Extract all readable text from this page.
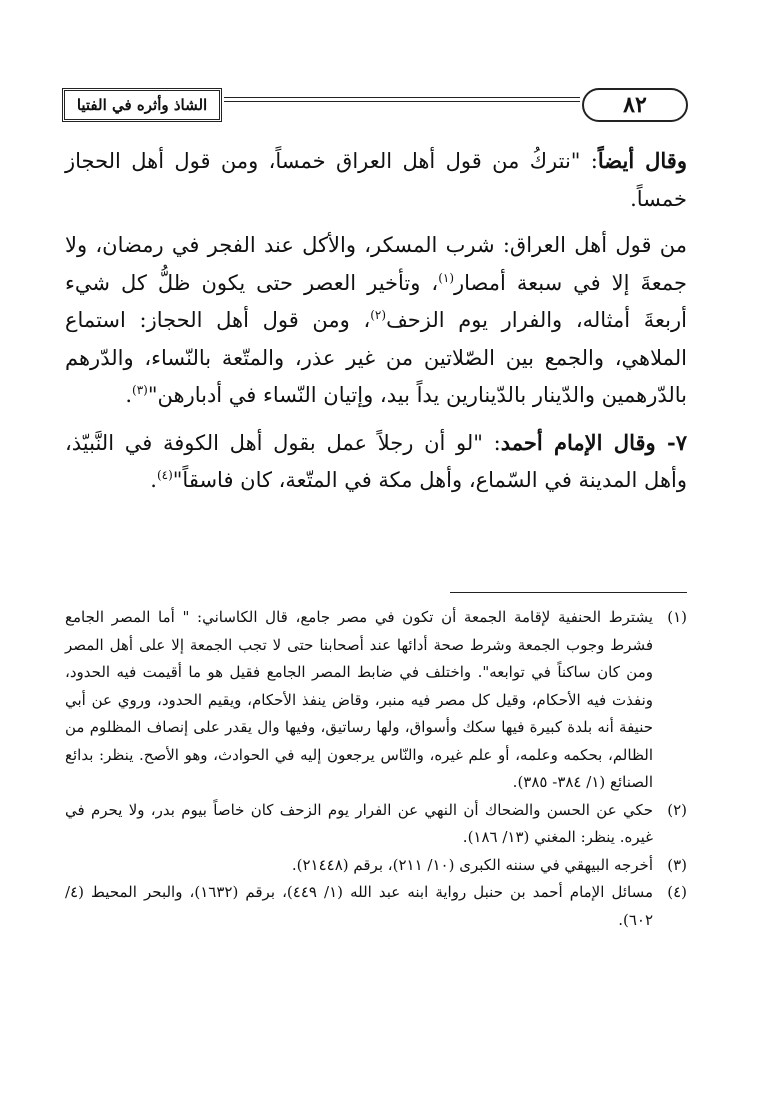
الشاذ وأثره في الفتيا	٨٢

وقال أيضاً: "نتركُ من قول أهل العراق خمساً، ومن قول أهل الحجاز خمساً.

من قول أهل العراق: شرب المسكر، والأكل عند الفجر في رمضان، ولا جمعةَ إلا في سبعة أمصار$^{(١)}$، وتأخير العصر حتى يكون ظلُّ كل شيء أربعةَ أمثاله، والفرار يوم الزحف$^{(٢)}$، ومن قول أهل الحجاز: استماع الملاهي، والجمع بين الصّلاتين من غير عذر، والمتّعة بالنّساء، والدّرهم بالدّرهمين والدّينار بالدّينارين يداً بيد، وإتيان النّساء في أدبارهن"$^{(٣)}$.

٧- وقال الإمام أحمد: "لو أن رجلاً عمل بقول أهل الكوفة في النَّبيّذ، وأهل المدينة في السّماع، وأهل مكة في المتّعة، كان فاسقاً"$^{(٤)}$.

(١)
يشترط الحنفية لإقامة الجمعة أن تكون في مصر جامع، قال الكاساني: " أما المصر الجامع فشرط وجوب الجمعة وشرط صحة أدائها عند أصحابنا حتى لا تجب الجمعة إلا على أهل المصر ومن كان ساكناً في توابعه". واختلف في ضابط المصر الجامع فقيل هو ما أقيمت فيه الحدود، ونفذت فيه الأحكام، وقيل كل مصر فيه منبر، وقاض ينفذ الأحكام، ويقيم الحدود، وروي عن أبي حنيفة أنه بلدة كبيرة فيها سكك وأسواق، ولها رساتيق، وفيها وال يقدر على إنصاف المظلوم من الظالم، بحكمه وعلمه، أو علم غيره، والنّاس يرجعون إليه في الحوادث، وهو الأصح. ينظر: بدائع الصنائع (١/ ٣٨٤- ٣٨٥).

(٢)
حكي عن الحسن والضحاك أن النهي عن الفرار يوم الزحف كان خاصاً بيوم بدر، ولا يحرم في غيره. ينظر: المغني (١٣/ ١٨٦).

(٣)
أخرجه البيهقي في سننه الكبرى (١٠/ ٢١١)، برقم (٢١٤٤٨).

(٤)
مسائل الإمام أحمد بن حنبل رواية ابنه عبد الله (١/ ٤٤٩)، برقم (١٦٣٢)، والبحر المحيط (٤/ ٦٠٢).
